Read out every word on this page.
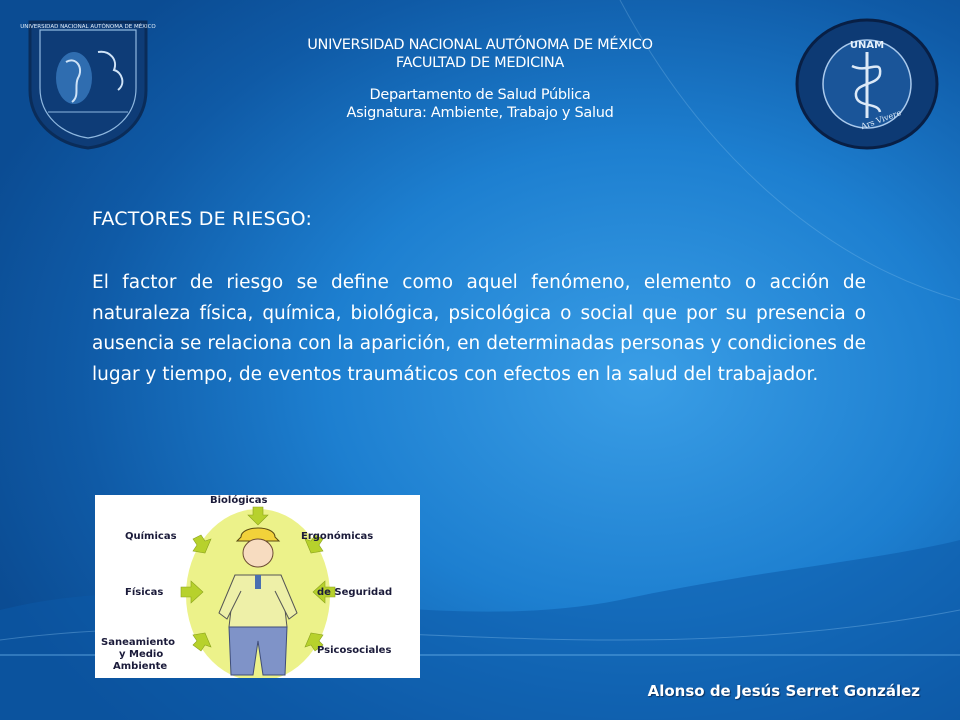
UNIVERSIDAD NACIONAL AUTÓNOMA DE MÉXICO
UNAM
Ars Vivere
UNIVERSIDAD NACIONAL AUTÓNOMA DE MÉXICO
FACULTAD DE MEDICINA
Departamento de Salud Pública
Asignatura: Ambiente, Trabajo y Salud
FACTORES DE RIESGO:
El factor de riesgo se define como aquel fenómeno, elemento o acción de naturaleza física, química, biológica, psicológica o social que por su presencia o ausencia se relaciona con la aparición, en determinadas personas y condiciones de lugar y tiempo, de eventos traumáticos con efectos en la salud del trabajador.
Biológicas
Químicas
Físicas
Saneamiento
y Medio
Ambiente
Ergonómicas
de Seguridad
Psicosociales
Alonso de Jesús Serret González
